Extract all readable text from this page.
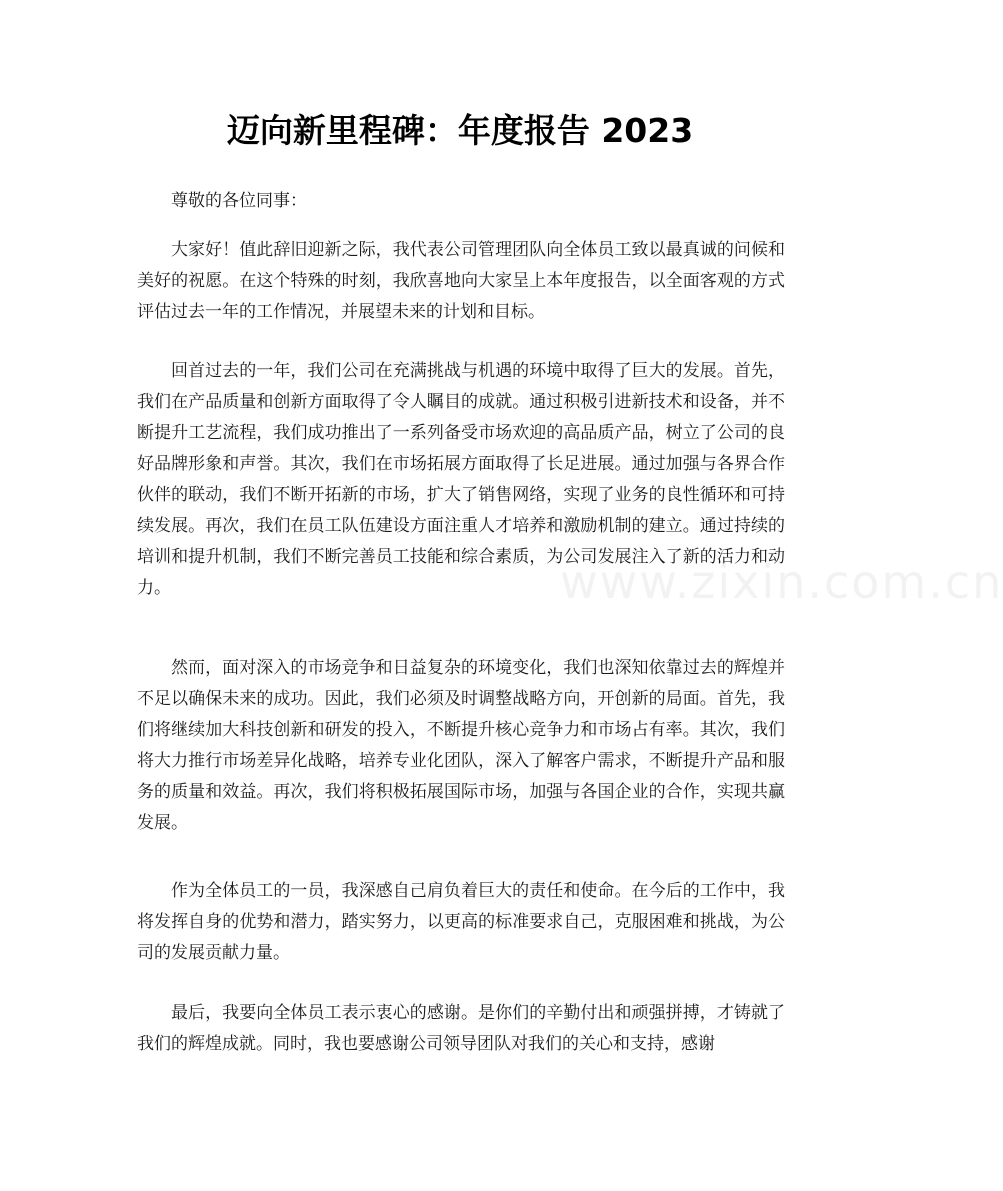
迈向新里程碑：年度报告 2023

尊敬的各位同事：

大家好！值此辞旧迎新之际，我代表公司管理团队向全体员工致以最真诚的问候和美好的祝愿。在这个特殊的时刻，我欣喜地向大家呈上本年度报告，以全面客观的方式评估过去一年的工作情况，并展望未来的计划和目标。

回首过去的一年，我们公司在充满挑战与机遇的环境中取得了巨大的发展。首先，我们在产品质量和创新方面取得了令人瞩目的成就。通过积极引进新技术和设备，并不断提升工艺流程，我们成功推出了一系列备受市场欢迎的高品质产品，树立了公司的良好品牌形象和声誉。其次，我们在市场拓展方面取得了长足进展。通过加强与各界合作伙伴的联动，我们不断开拓新的市场，扩大了销售网络，实现了业务的良性循环和可持续发展。再次，我们在员工队伍建设方面注重人才培养和激励机制的建立。通过持续的培训和提升机制，我们不断完善员工技能和综合素质，为公司发展注入了新的活力和动力。

然而，面对深入的市场竞争和日益复杂的环境变化，我们也深知依靠过去的辉煌并不足以确保未来的成功。因此，我们必须及时调整战略方向，开创新的局面。首先，我们将继续加大科技创新和研发的投入，不断提升核心竞争力和市场占有率。其次，我们将大力推行市场差异化战略，培养专业化团队，深入了解客户需求，不断提升产品和服务的质量和效益。再次，我们将积极拓展国际市场，加强与各国企业的合作，实现共赢发展。

作为全体员工的一员，我深感自己肩负着巨大的责任和使命。在今后的工作中，我将发挥自身的优势和潜力，踏实努力，以更高的标准要求自己，克服困难和挑战，为公司的发展贡献力量。

最后，我要向全体员工表示衷心的感谢。是你们的辛勤付出和顽强拼搏，才铸就了我们的辉煌成就。同时，我也要感谢公司领导团队对我们的关心和支持，感谢

www.zixin.com.cn
